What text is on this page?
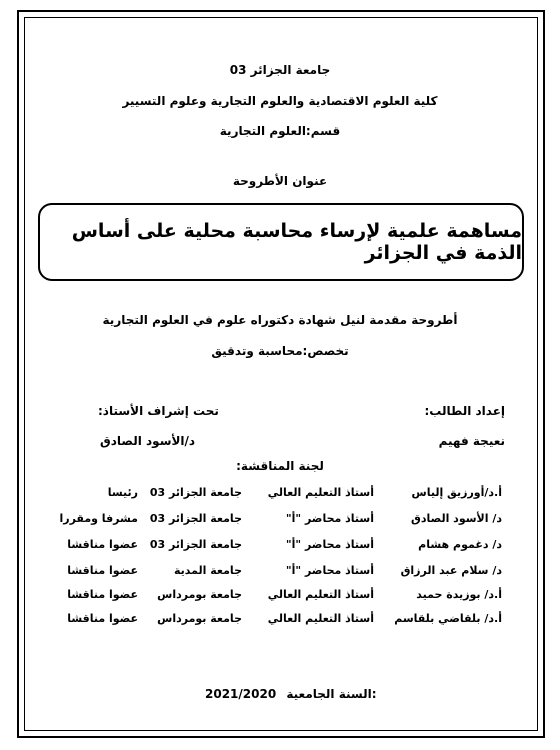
جامعة الجزائر 03
كلية العلوم الاقتصادية والعلوم التجارية وعلوم التسيير
قسم:العلوم التجارية
عنوان الأطروحة
مساهمة علمية لإرساء محاسبة محلية على أساس الذمة في الجزائر
أطروحة مقدمة لنيل شهادة دكتوراه علوم في العلوم التجارية
تخصص:محاسبة وتدقيق
إعداد الطالب:
تحت إشراف الأستاذ:
نعيجة فهيم
د/الأسود الصادق
لجنة المناقشة:
أ.د/أورزيق إلياس
أستاذ التعليم العالي
جامعة الجزائر 03
رئيسا
د/ الأسود الصادق
أستاذ محاضر "أ"
جامعة الجزائر 03
مشرفا ومقررا
د/ دغموم هشام
أستاذ محاضر "أ"
جامعة الجزائر 03
عضوا مناقشا
د/ سلام عبد الرزاق
أستاذ محاضر "أ"
جامعة المدية
عضوا مناقشا
أ.د/ بوزيدة حميد
أستاذ التعليم العالي
جامعة بومرداس
عضوا مناقشا
أ.د/ بلقاضي بلقاسم
أستاذ التعليم العالي
جامعة بومرداس
عضوا مناقشا
2021/2020 السنة الجامعية:
